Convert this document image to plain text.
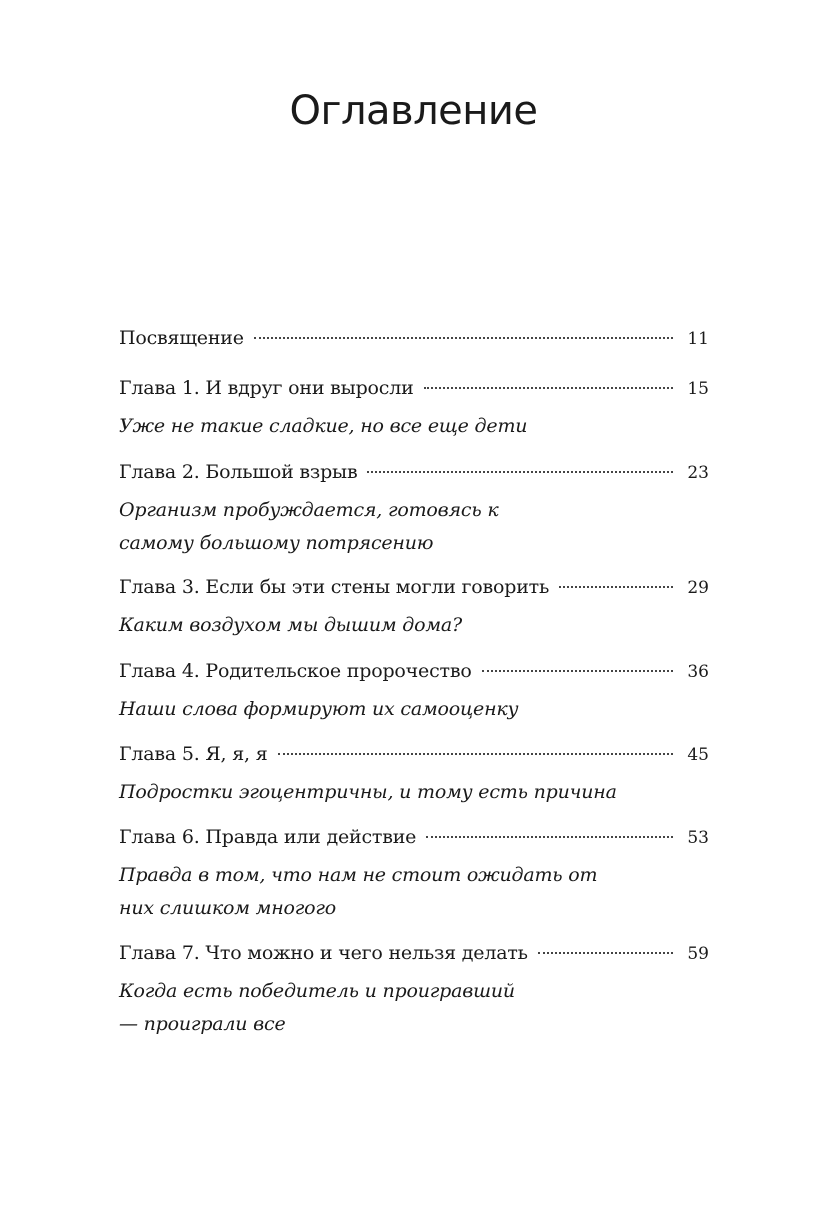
Оглавление
Посвящение	11
Глава 1. И вдруг они выросли	15
Уже не такие сладкие, но все еще дети
Глава 2. Большой взрыв	23
Организм пробуждается, готовясь к самому большому потрясению
Глава 3. Если бы эти стены могли говорить	29
Каким воздухом мы дышим дома?
Глава 4. Родительское пророчество	36
Наши слова формируют их самооценку
Глава 5. Я, я, я	45
Подростки эгоцентричны, и тому есть причина
Глава 6. Правда или действие	53
Правда в том, что нам не стоит ожидать от них слишком многого
Глава 7. Что можно и чего нельзя делать	59
Когда есть победитель и проигравший — проиграли все
